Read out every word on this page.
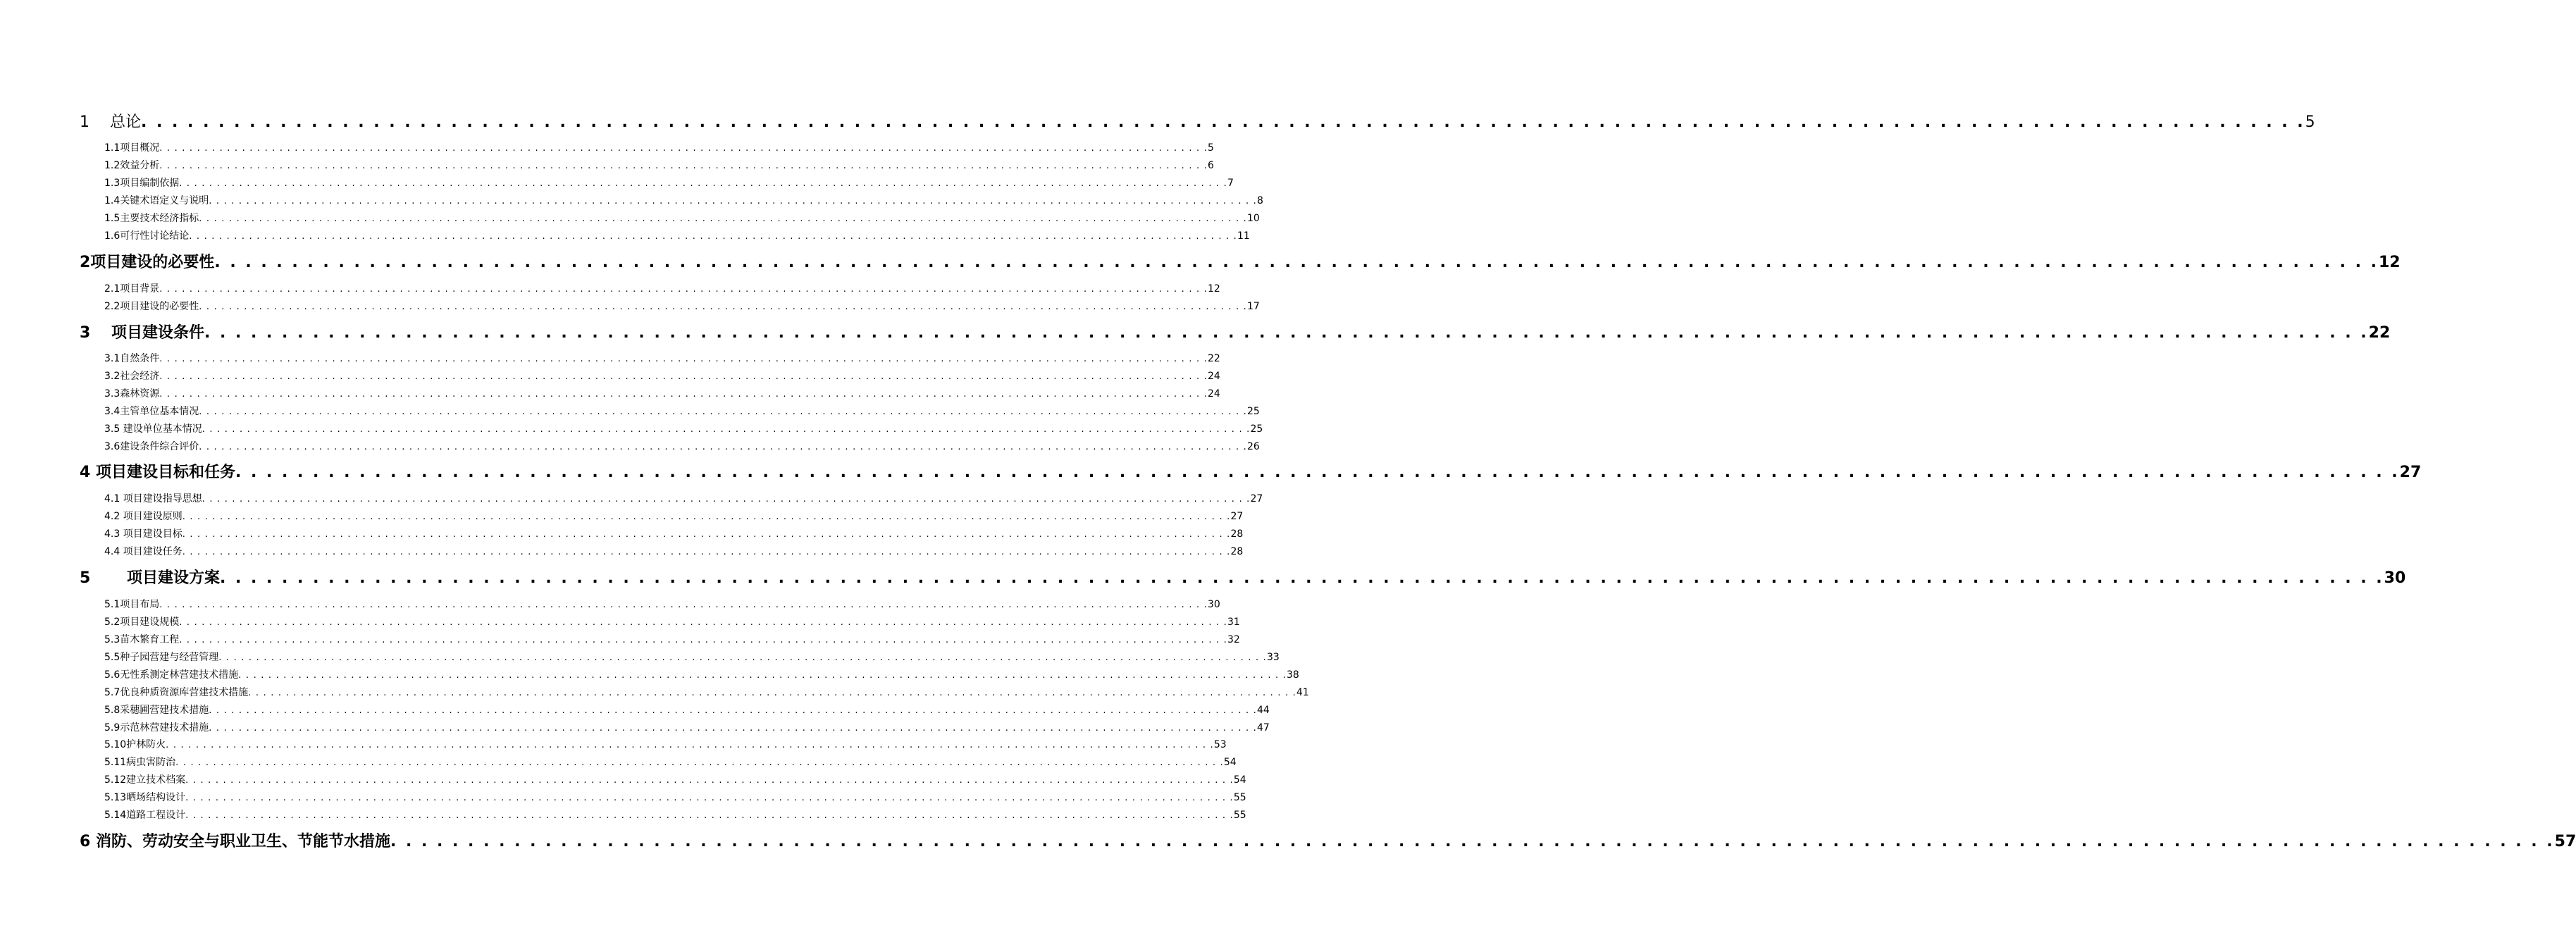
1　 总论 . . . . . . . . . . . . . . . . . . . . . . . . . . . . . . . . . . . . . . . . . . . . . . . . . . . . . . . . . . . . . . . . . . . . . . . . . . . . . . . . . . . . . . . . . . . . . . . . . . . . . . . . . . . . . . . . . . . . . . . . . . . . . . . . . . . . . . . . . . . . 5
1.1项目概况 . . . . . . . . . . . . . . . . . . . . . . . . . . . . . . . . . . . . . . . . . . . . . . . . . . . . . . . . . . . . . . . . . . . . . . . . . . . . . . . . . . . . . . . . . . . . . . . . . . . . . . . . . . . . . . . . . . . . . . . . . . . . . . . . . . . . . . . . . . . . 5
1.2效益分析 . . . . . . . . . . . . . . . . . . . . . . . . . . . . . . . . . . . . . . . . . . . . . . . . . . . . . . . . . . . . . . . . . . . . . . . . . . . . . . . . . . . . . . . . . . . . . . . . . . . . . . . . . . . . . . . . . . . . . . . . . . . . . . . . . . . . . . . . . . . . 6
1.3项目编制依据 . . . . . . . . . . . . . . . . . . . . . . . . . . . . . . . . . . . . . . . . . . . . . . . . . . . . . . . . . . . . . . . . . . . . . . . . . . . . . . . . . . . . . . . . . . . . . . . . . . . . . . . . . . . . . . . . . . . . . . . . . . . . . . . . . . . . . . . . . . . . 7
1.4关键术语定义与说明 . . . . . . . . . . . . . . . . . . . . . . . . . . . . . . . . . . . . . . . . . . . . . . . . . . . . . . . . . . . . . . . . . . . . . . . . . . . . . . . . . . . . . . . . . . . . . . . . . . . . . . . . . . . . . . . . . . . . . . . . . . . . . . . . . . . . . . . . . . . . 8
1.5主要技术经济指标 . . . . . . . . . . . . . . . . . . . . . . . . . . . . . . . . . . . . . . . . . . . . . . . . . . . . . . . . . . . . . . . . . . . . . . . . . . . . . . . . . . . . . . . . . . . . . . . . . . . . . . . . . . . . . . . . . . . . . . . . . . . . . . . . . . . . . . . . . . . . 10
1.6可行性讨论结论 . . . . . . . . . . . . . . . . . . . . . . . . . . . . . . . . . . . . . . . . . . . . . . . . . . . . . . . . . . . . . . . . . . . . . . . . . . . . . . . . . . . . . . . . . . . . . . . . . . . . . . . . . . . . . . . . . . . . . . . . . . . . . . . . . . . . . . . . . . . . 11
2项目建设的必要性 . . . . . . . . . . . . . . . . . . . . . . . . . . . . . . . . . . . . . . . . . . . . . . . . . . . . . . . . . . . . . . . . . . . . . . . . . . . . . . . . . . . . . . . . . . . . . . . . . . . . . . . . . . . . . . . . . . . . . . . . . . . . . . . . . . . . . . . . . . . . 12
2.1项目背景 . . . . . . . . . . . . . . . . . . . . . . . . . . . . . . . . . . . . . . . . . . . . . . . . . . . . . . . . . . . . . . . . . . . . . . . . . . . . . . . . . . . . . . . . . . . . . . . . . . . . . . . . . . . . . . . . . . . . . . . . . . . . . . . . . . . . . . . . . . . . 12
2.2项目建设的必要性 . . . . . . . . . . . . . . . . . . . . . . . . . . . . . . . . . . . . . . . . . . . . . . . . . . . . . . . . . . . . . . . . . . . . . . . . . . . . . . . . . . . . . . . . . . . . . . . . . . . . . . . . . . . . . . . . . . . . . . . . . . . . . . . . . . . . . . . . . . . . 17
3　 项目建设条件 . . . . . . . . . . . . . . . . . . . . . . . . . . . . . . . . . . . . . . . . . . . . . . . . . . . . . . . . . . . . . . . . . . . . . . . . . . . . . . . . . . . . . . . . . . . . . . . . . . . . . . . . . . . . . . . . . . . . . . . . . . . . . . . . . . . . . . . . . . . . 22
3.1自然条件 . . . . . . . . . . . . . . . . . . . . . . . . . . . . . . . . . . . . . . . . . . . . . . . . . . . . . . . . . . . . . . . . . . . . . . . . . . . . . . . . . . . . . . . . . . . . . . . . . . . . . . . . . . . . . . . . . . . . . . . . . . . . . . . . . . . . . . . . . . . . 22
3.2社会经济 . . . . . . . . . . . . . . . . . . . . . . . . . . . . . . . . . . . . . . . . . . . . . . . . . . . . . . . . . . . . . . . . . . . . . . . . . . . . . . . . . . . . . . . . . . . . . . . . . . . . . . . . . . . . . . . . . . . . . . . . . . . . . . . . . . . . . . . . . . . . 24
3.3森林资源 . . . . . . . . . . . . . . . . . . . . . . . . . . . . . . . . . . . . . . . . . . . . . . . . . . . . . . . . . . . . . . . . . . . . . . . . . . . . . . . . . . . . . . . . . . . . . . . . . . . . . . . . . . . . . . . . . . . . . . . . . . . . . . . . . . . . . . . . . . . . 24
3.4主管单位基本情况 . . . . . . . . . . . . . . . . . . . . . . . . . . . . . . . . . . . . . . . . . . . . . . . . . . . . . . . . . . . . . . . . . . . . . . . . . . . . . . . . . . . . . . . . . . . . . . . . . . . . . . . . . . . . . . . . . . . . . . . . . . . . . . . . . . . . . . . . . . . . 25
3.5 建设单位基本情况 . . . . . . . . . . . . . . . . . . . . . . . . . . . . . . . . . . . . . . . . . . . . . . . . . . . . . . . . . . . . . . . . . . . . . . . . . . . . . . . . . . . . . . . . . . . . . . . . . . . . . . . . . . . . . . . . . . . . . . . . . . . . . . . . . . . . . . . . . . . . 25
3.6建设条件综合评价 . . . . . . . . . . . . . . . . . . . . . . . . . . . . . . . . . . . . . . . . . . . . . . . . . . . . . . . . . . . . . . . . . . . . . . . . . . . . . . . . . . . . . . . . . . . . . . . . . . . . . . . . . . . . . . . . . . . . . . . . . . . . . . . . . . . . . . . . . . . . 26
4 项目建设目标和任务 . . . . . . . . . . . . . . . . . . . . . . . . . . . . . . . . . . . . . . . . . . . . . . . . . . . . . . . . . . . . . . . . . . . . . . . . . . . . . . . . . . . . . . . . . . . . . . . . . . . . . . . . . . . . . . . . . . . . . . . . . . . . . . . . . . . . . . . . . . . . 27
4.1 项目建设指导思想 . . . . . . . . . . . . . . . . . . . . . . . . . . . . . . . . . . . . . . . . . . . . . . . . . . . . . . . . . . . . . . . . . . . . . . . . . . . . . . . . . . . . . . . . . . . . . . . . . . . . . . . . . . . . . . . . . . . . . . . . . . . . . . . . . . . . . . . . . . . . 27
4.2 项目建设原则 . . . . . . . . . . . . . . . . . . . . . . . . . . . . . . . . . . . . . . . . . . . . . . . . . . . . . . . . . . . . . . . . . . . . . . . . . . . . . . . . . . . . . . . . . . . . . . . . . . . . . . . . . . . . . . . . . . . . . . . . . . . . . . . . . . . . . . . . . . . . 27
4.3 项目建设目标 . . . . . . . . . . . . . . . . . . . . . . . . . . . . . . . . . . . . . . . . . . . . . . . . . . . . . . . . . . . . . . . . . . . . . . . . . . . . . . . . . . . . . . . . . . . . . . . . . . . . . . . . . . . . . . . . . . . . . . . . . . . . . . . . . . . . . . . . . . . . 28
4.4 项目建设任务 . . . . . . . . . . . . . . . . . . . . . . . . . . . . . . . . . . . . . . . . . . . . . . . . . . . . . . . . . . . . . . . . . . . . . . . . . . . . . . . . . . . . . . . . . . . . . . . . . . . . . . . . . . . . . . . . . . . . . . . . . . . . . . . . . . . . . . . . . . . . 28
5　　 项目建设方案 . . . . . . . . . . . . . . . . . . . . . . . . . . . . . . . . . . . . . . . . . . . . . . . . . . . . . . . . . . . . . . . . . . . . . . . . . . . . . . . . . . . . . . . . . . . . . . . . . . . . . . . . . . . . . . . . . . . . . . . . . . . . . . . . . . . . . . . . . . . . 30
5.1项目布局 . . . . . . . . . . . . . . . . . . . . . . . . . . . . . . . . . . . . . . . . . . . . . . . . . . . . . . . . . . . . . . . . . . . . . . . . . . . . . . . . . . . . . . . . . . . . . . . . . . . . . . . . . . . . . . . . . . . . . . . . . . . . . . . . . . . . . . . . . . . . 30
5.2项目建设规模 . . . . . . . . . . . . . . . . . . . . . . . . . . . . . . . . . . . . . . . . . . . . . . . . . . . . . . . . . . . . . . . . . . . . . . . . . . . . . . . . . . . . . . . . . . . . . . . . . . . . . . . . . . . . . . . . . . . . . . . . . . . . . . . . . . . . . . . . . . . . 31
5.3苗木繁育工程 . . . . . . . . . . . . . . . . . . . . . . . . . . . . . . . . . . . . . . . . . . . . . . . . . . . . . . . . . . . . . . . . . . . . . . . . . . . . . . . . . . . . . . . . . . . . . . . . . . . . . . . . . . . . . . . . . . . . . . . . . . . . . . . . . . . . . . . . . . . . 32
5.5种子园营建与经营管理 . . . . . . . . . . . . . . . . . . . . . . . . . . . . . . . . . . . . . . . . . . . . . . . . . . . . . . . . . . . . . . . . . . . . . . . . . . . . . . . . . . . . . . . . . . . . . . . . . . . . . . . . . . . . . . . . . . . . . . . . . . . . . . . . . . . . . . . . . . . . 33
5.6无性系测定林营建技术措施 . . . . . . . . . . . . . . . . . . . . . . . . . . . . . . . . . . . . . . . . . . . . . . . . . . . . . . . . . . . . . . . . . . . . . . . . . . . . . . . . . . . . . . . . . . . . . . . . . . . . . . . . . . . . . . . . . . . . . . . . . . . . . . . . . . . . . . . . . . . . 38
5.7优良种质资源库营建技术措施 . . . . . . . . . . . . . . . . . . . . . . . . . . . . . . . . . . . . . . . . . . . . . . . . . . . . . . . . . . . . . . . . . . . . . . . . . . . . . . . . . . . . . . . . . . . . . . . . . . . . . . . . . . . . . . . . . . . . . . . . . . . . . . . . . . . . . . . . . . . . 41
5.8采穗圃营建技术措施 . . . . . . . . . . . . . . . . . . . . . . . . . . . . . . . . . . . . . . . . . . . . . . . . . . . . . . . . . . . . . . . . . . . . . . . . . . . . . . . . . . . . . . . . . . . . . . . . . . . . . . . . . . . . . . . . . . . . . . . . . . . . . . . . . . . . . . . . . . . . 44
5.9示范林营建技术措施 . . . . . . . . . . . . . . . . . . . . . . . . . . . . . . . . . . . . . . . . . . . . . . . . . . . . . . . . . . . . . . . . . . . . . . . . . . . . . . . . . . . . . . . . . . . . . . . . . . . . . . . . . . . . . . . . . . . . . . . . . . . . . . . . . . . . . . . . . . . . 47
5.10护林防火 . . . . . . . . . . . . . . . . . . . . . . . . . . . . . . . . . . . . . . . . . . . . . . . . . . . . . . . . . . . . . . . . . . . . . . . . . . . . . . . . . . . . . . . . . . . . . . . . . . . . . . . . . . . . . . . . . . . . . . . . . . . . . . . . . . . . . . . . . . . . 53
5.11病虫害防治 . . . . . . . . . . . . . . . . . . . . . . . . . . . . . . . . . . . . . . . . . . . . . . . . . . . . . . . . . . . . . . . . . . . . . . . . . . . . . . . . . . . . . . . . . . . . . . . . . . . . . . . . . . . . . . . . . . . . . . . . . . . . . . . . . . . . . . . . . . . . 54
5.12建立技术档案 . . . . . . . . . . . . . . . . . . . . . . . . . . . . . . . . . . . . . . . . . . . . . . . . . . . . . . . . . . . . . . . . . . . . . . . . . . . . . . . . . . . . . . . . . . . . . . . . . . . . . . . . . . . . . . . . . . . . . . . . . . . . . . . . . . . . . . . . . . . . 54
5.13晒场结构设计 . . . . . . . . . . . . . . . . . . . . . . . . . . . . . . . . . . . . . . . . . . . . . . . . . . . . . . . . . . . . . . . . . . . . . . . . . . . . . . . . . . . . . . . . . . . . . . . . . . . . . . . . . . . . . . . . . . . . . . . . . . . . . . . . . . . . . . . . . . . . 55
5.14道路工程设计 . . . . . . . . . . . . . . . . . . . . . . . . . . . . . . . . . . . . . . . . . . . . . . . . . . . . . . . . . . . . . . . . . . . . . . . . . . . . . . . . . . . . . . . . . . . . . . . . . . . . . . . . . . . . . . . . . . . . . . . . . . . . . . . . . . . . . . . . . . . . 55
6 消防、劳动安全与职业卫生、节能节水措施 . . . . . . . . . . . . . . . . . . . . . . . . . . . . . . . . . . . . . . . . . . . . . . . . . . . . . . . . . . . . . . . . . . . . . . . . . . . . . . . . . . . . . . . . . . . . . . . . . . . . . . . . . . . . . . . . . . . . . . . . . . . . . . . . . . . . . . . . . . . . 57
